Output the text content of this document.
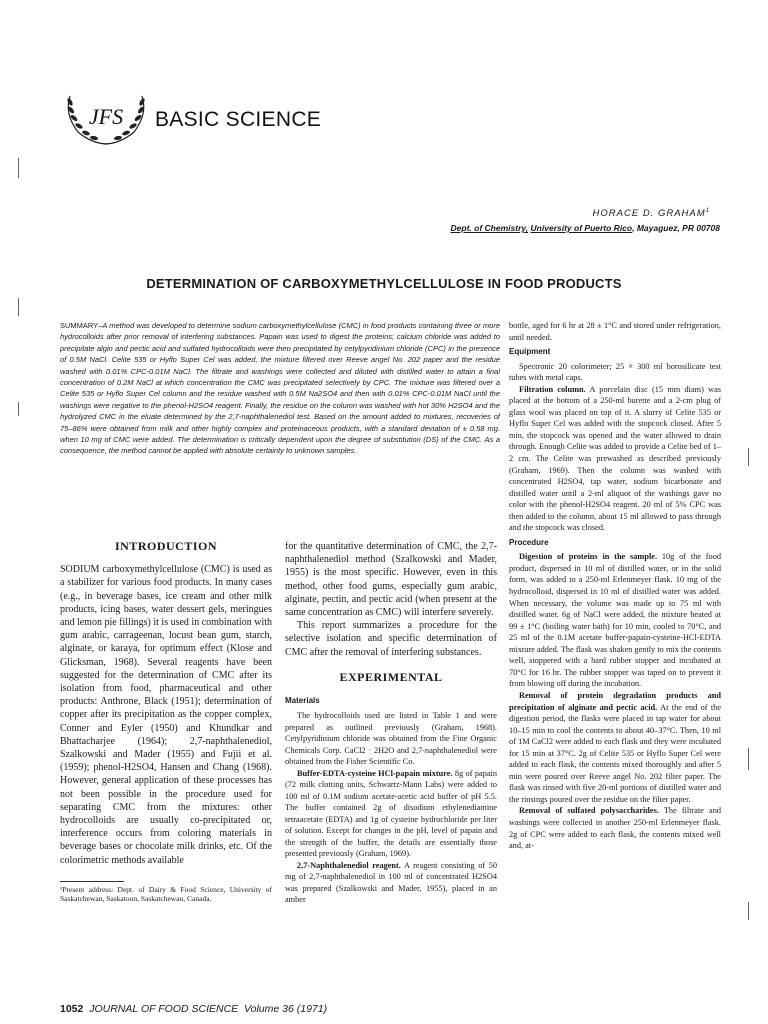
JFS BASIC SCIENCE
HORACE D. GRAHAM$^1$
Dept. of Chemistry, University of Puerto Rico, Mayaguez, PR 00708
DETERMINATION OF CARBOXYMETHYLCELLULOSE IN FOOD PRODUCTS
SUMMARY–A method was developed to determine sodium carboxymethylcellulose (CMC) in food products containing three or more hydrocolloids after prior removal of interfering substances. Papain was used to digest the proteins; calcium chloride was added to precipitate algin and pectic acid and sulfated hydrocolloids were then precipitated by cetylpyridinium chloride (CPC) in the presence of 0.5M NaCl. Celite 535 or Hyflo Super Cel was added, the mixture filtered over Reeve angel No. 202 paper and the residue washed with 0.01% CPC-0.01M NaCl. The filtrate and washings were collected and diluted with distilled water to attain a final concentration of 0.2M NaCl at which concentration the CMC was precipitated selectively by CPC. The mixture was filtered over a Celite 535 or Hyflo Super Cel column and the residue washed with 0.5M Na2SO4 and then with 0.01% CPC-0.01M NaCl until the washings were negative to the phenol-H2SO4 reagent. Finally, the residue on the column was washed with hot 30% H2SO4 and the hydrolyzed CMC in the eluate determined by the 2,7-naphthalenediol test. Based on the amount added to mixtures, recoveries of 75–86% were obtained from milk and other highly complex and proteinaceous products, with a standard deviation of ± 0.58 mg. when 10 mg of CMC were added. The determination is critically dependent upon the degree of substitution (DS) of the CMC. As a consequence, the method cannot be applied with absolute certainty to unknown samples.
INTRODUCTION

SODIUM carboxymethylcellulose (CMC) is used as a stabilizer for various food products. In many cases (e.g., in beverage bases, ice cream and other milk products, icing bases, water dessert gels, meringues and lemon pie fillings) it is used in combination with gum arabic, carrageenan, locust bean gum, starch, alginate, or karaya, for optimum effect (Klose and Glicksman, 1968). Several reagents have been suggested for the determination of CMC after its isolation from food, pharmaceutical and other products: Anthrone, Black (1951); determination of copper after its precipitation as the copper complex, Conner and Eyler (1950) and Khundkar and Bhattacharjee (1964); 2,7-naphthalenediol, Szalkowski and Mader (1955) and Fujii et al. (1959); phenol-H2SO4, Hansen and Chang (1968). However, general application of these processes has not been possible in the procedure used for separating CMC from the mixtures: other hydrocolloids are usually co-precipitated or, interference occurs from coloring materials in beverage bases or chocolate milk drinks, etc. Of the colorimetric methods available

¹Present address: Dept. of Dairy & Food Science, University of Saskatchewan, Saskatoon, Saskatchewan, Canada.

for the quantitative determination of CMC, the 2,7-naphthalenediol method (Szalkowski and Mader, 1955) is the most specific. However, even in this method, other food gums, especially gum arabic, alginate, pectin, and pectic acid (when present at the same concentration as CMC) will interfere severely.

This report summarizes a procedure for the selective isolation and specific determination of CMC after the removal of interfering substances.

EXPERIMENTAL
Materials

The hydrocolloids used are listed in Table 1 and were prepared as outlined previously (Graham, 1968). Cetylpyridinium chloride was obtained from the Fine Organic Chemicals Corp. CaCl2 · 2H2O and 2,7-naphthalenediol were obtained from the Fisher Scientific Co.

Buffer-EDTA-cysteine HCl-papain mixture. 8g of papain (72 milk clotting units, Schwartz-Mann Labs) were added to 100 ml of 0.1M sodium acetate-acetic acid buffer of pH 5.5. The buffer contained 2g of disodium ethylenediamine tetraacetate (EDTA) and 1g of cysteine hydrochloride per liter of solution. Except for changes in the pH, level of papain and the strength of the buffer, the details are essentially those presented previously (Graham, 1969).

2,7-Naphthalenediol reagent. A reagent consisting of 50 mg of 2,7-naphthalenediol in 100 ml of concentrated H2SO4 was prepared (Szalkowski and Mader, 1955), placed in an amber

bottle, aged for 6 hr at 28 ± 1°C and stored under refrigeration, until needed.

Equipment

Spectronic 20 colorimeter; 25 × 300 ml borosilicate test tubes with metal caps.

Filtration column. A porcelain disc (15 mm diam) was placed at the bottom of a 250-ml burette and a 2-cm plug of glass wool was placed on top of it. A slurry of Celite 535 or Hyflo Super Cel was added with the stopcock closed. After 5 min, the stopcock was opened and the water allowed to drain through. Enough Celite was added to provide a Celite bed of 1–2 cm. The Celite was prewashed as described previously (Graham, 1969). Then the column was washed with concentrated H2SO4, tap water, sodium bicarbonate and distilled water until a 2-ml aliquot of the washings gave no color with the phenol-H2SO4 reagent. 20 ml of 5% CPC was then added to the column, about 15 ml allowed to pass through and the stopcock was closed.

Procedure

Digestion of proteins in the sample. 10g of the food product, dispersed in 10 ml of distilled water, or in the solid form, was added to a 250-ml Erlenmeyer flask. 10 mg of the hydrocolloid, dispersed in 10 ml of distilled water was added. When necessary, the volume was made up to 75 ml with distilled water. 6g of NaCl were added, the mixture heated at 99 ± 1°C (boiling water bath) for 10 min, cooled to 70°C, and 25 ml of the 0.1M acetate buffer-papain-cysteine-HCl-EDTA mixture added. The flask was shaken gently to mix the contents well, stoppered with a hard rubber stopper and incubated at 70°C for 16 hr. The rubber stopper was taped on to prevent it from blowing off during the incubation.

Removal of protein degradation products and precipitation of alginate and pectic acid. At the end of the digestion period, the flasks were placed in tap water for about 10–15 min to cool the contents to about 40–37°C. Then, 10 ml of 1M CaCl2 were added to each flask and they were incubated for 15 min at 37°C. 2g of Celite 535 or Hyflo Super Cel were added to each flask, the contents mixed thoroughly and after 5 min were poured over Reeve angel No. 202 filter paper. The flask was rinsed with five 20-ml portions of distilled water and the rinsings poured over the residue on the filter paper.

Removal of sulfated polysaccharides. The filtrate and washings were collected in another 250-ml Erlenmeyer flask. 2g of CPC were added to each flask, the contents mixed well and, at-

1052 JOURNAL OF FOOD SCIENCE Volume 36 (1971)
